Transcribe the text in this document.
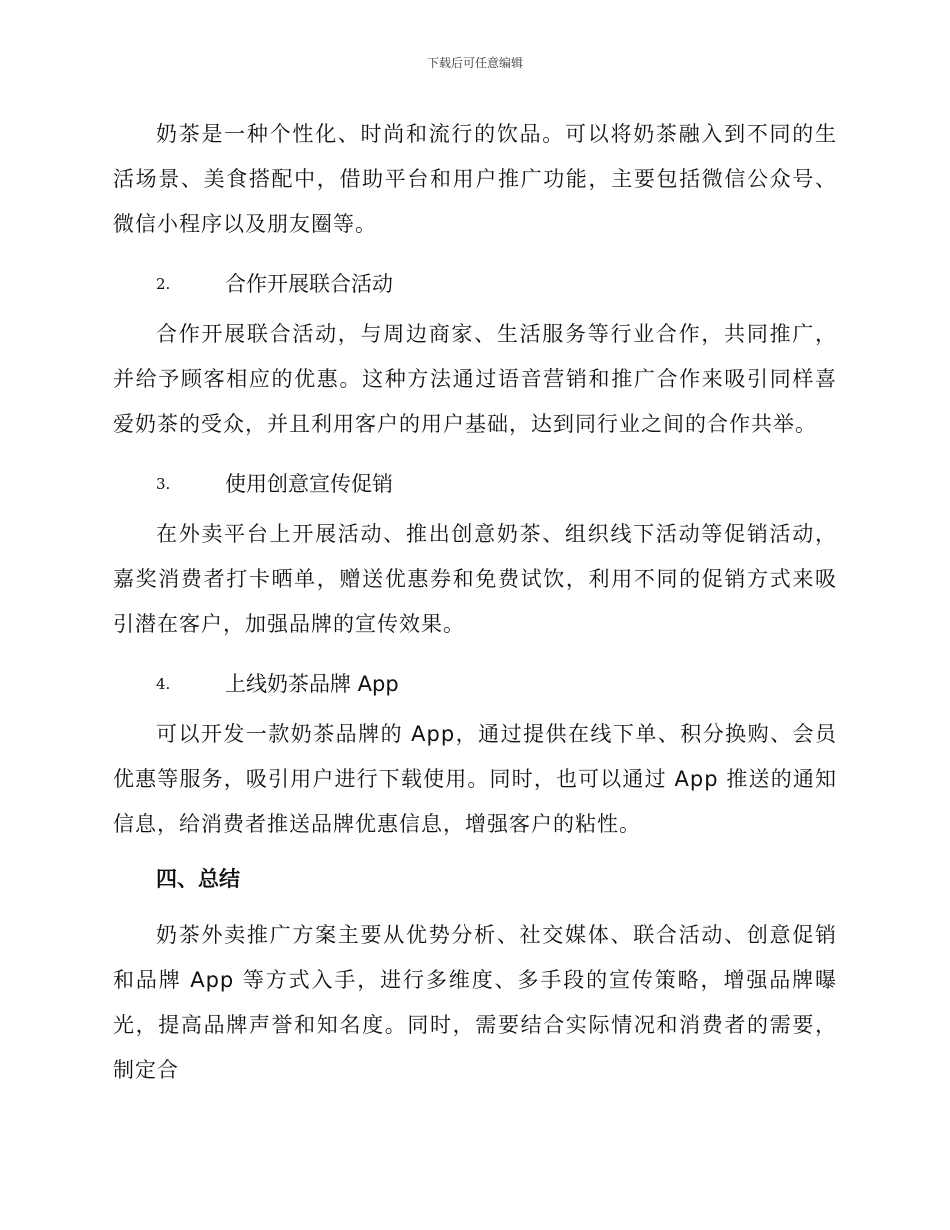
下载后可任意编辑

奶茶是一种个性化、时尚和流行的饮品。可以将奶茶融入到不同的生活场景、美食搭配中，借助平台和用户推广功能，主要包括微信公众号、微信小程序以及朋友圈等。

2.	合作开展联合活动

合作开展联合活动，与周边商家、生活服务等行业合作，共同推广，并给予顾客相应的优惠。这种方法通过语音营销和推广合作来吸引同样喜爱奶茶的受众，并且利用客户的用户基础，达到同行业之间的合作共举。

3.	使用创意宣传促销

在外卖平台上开展活动、推出创意奶茶、组织线下活动等促销活动，嘉奖消费者打卡晒单，赠送优惠券和免费试饮，利用不同的促销方式来吸引潜在客户，加强品牌的宣传效果。

4.	上线奶茶品牌 App

可以开发一款奶茶品牌的 App，通过提供在线下单、积分换购、会员优惠等服务，吸引用户进行下载使用。同时，也可以通过 App 推送的通知信息，给消费者推送品牌优惠信息，增强客户的粘性。

四、总结

奶茶外卖推广方案主要从优势分析、社交媒体、联合活动、创意促销和品牌 App 等方式入手，进行多维度、多手段的宣传策略，增强品牌曝光，提高品牌声誉和知名度。同时，需要结合实际情况和消费者的需要，制定合
